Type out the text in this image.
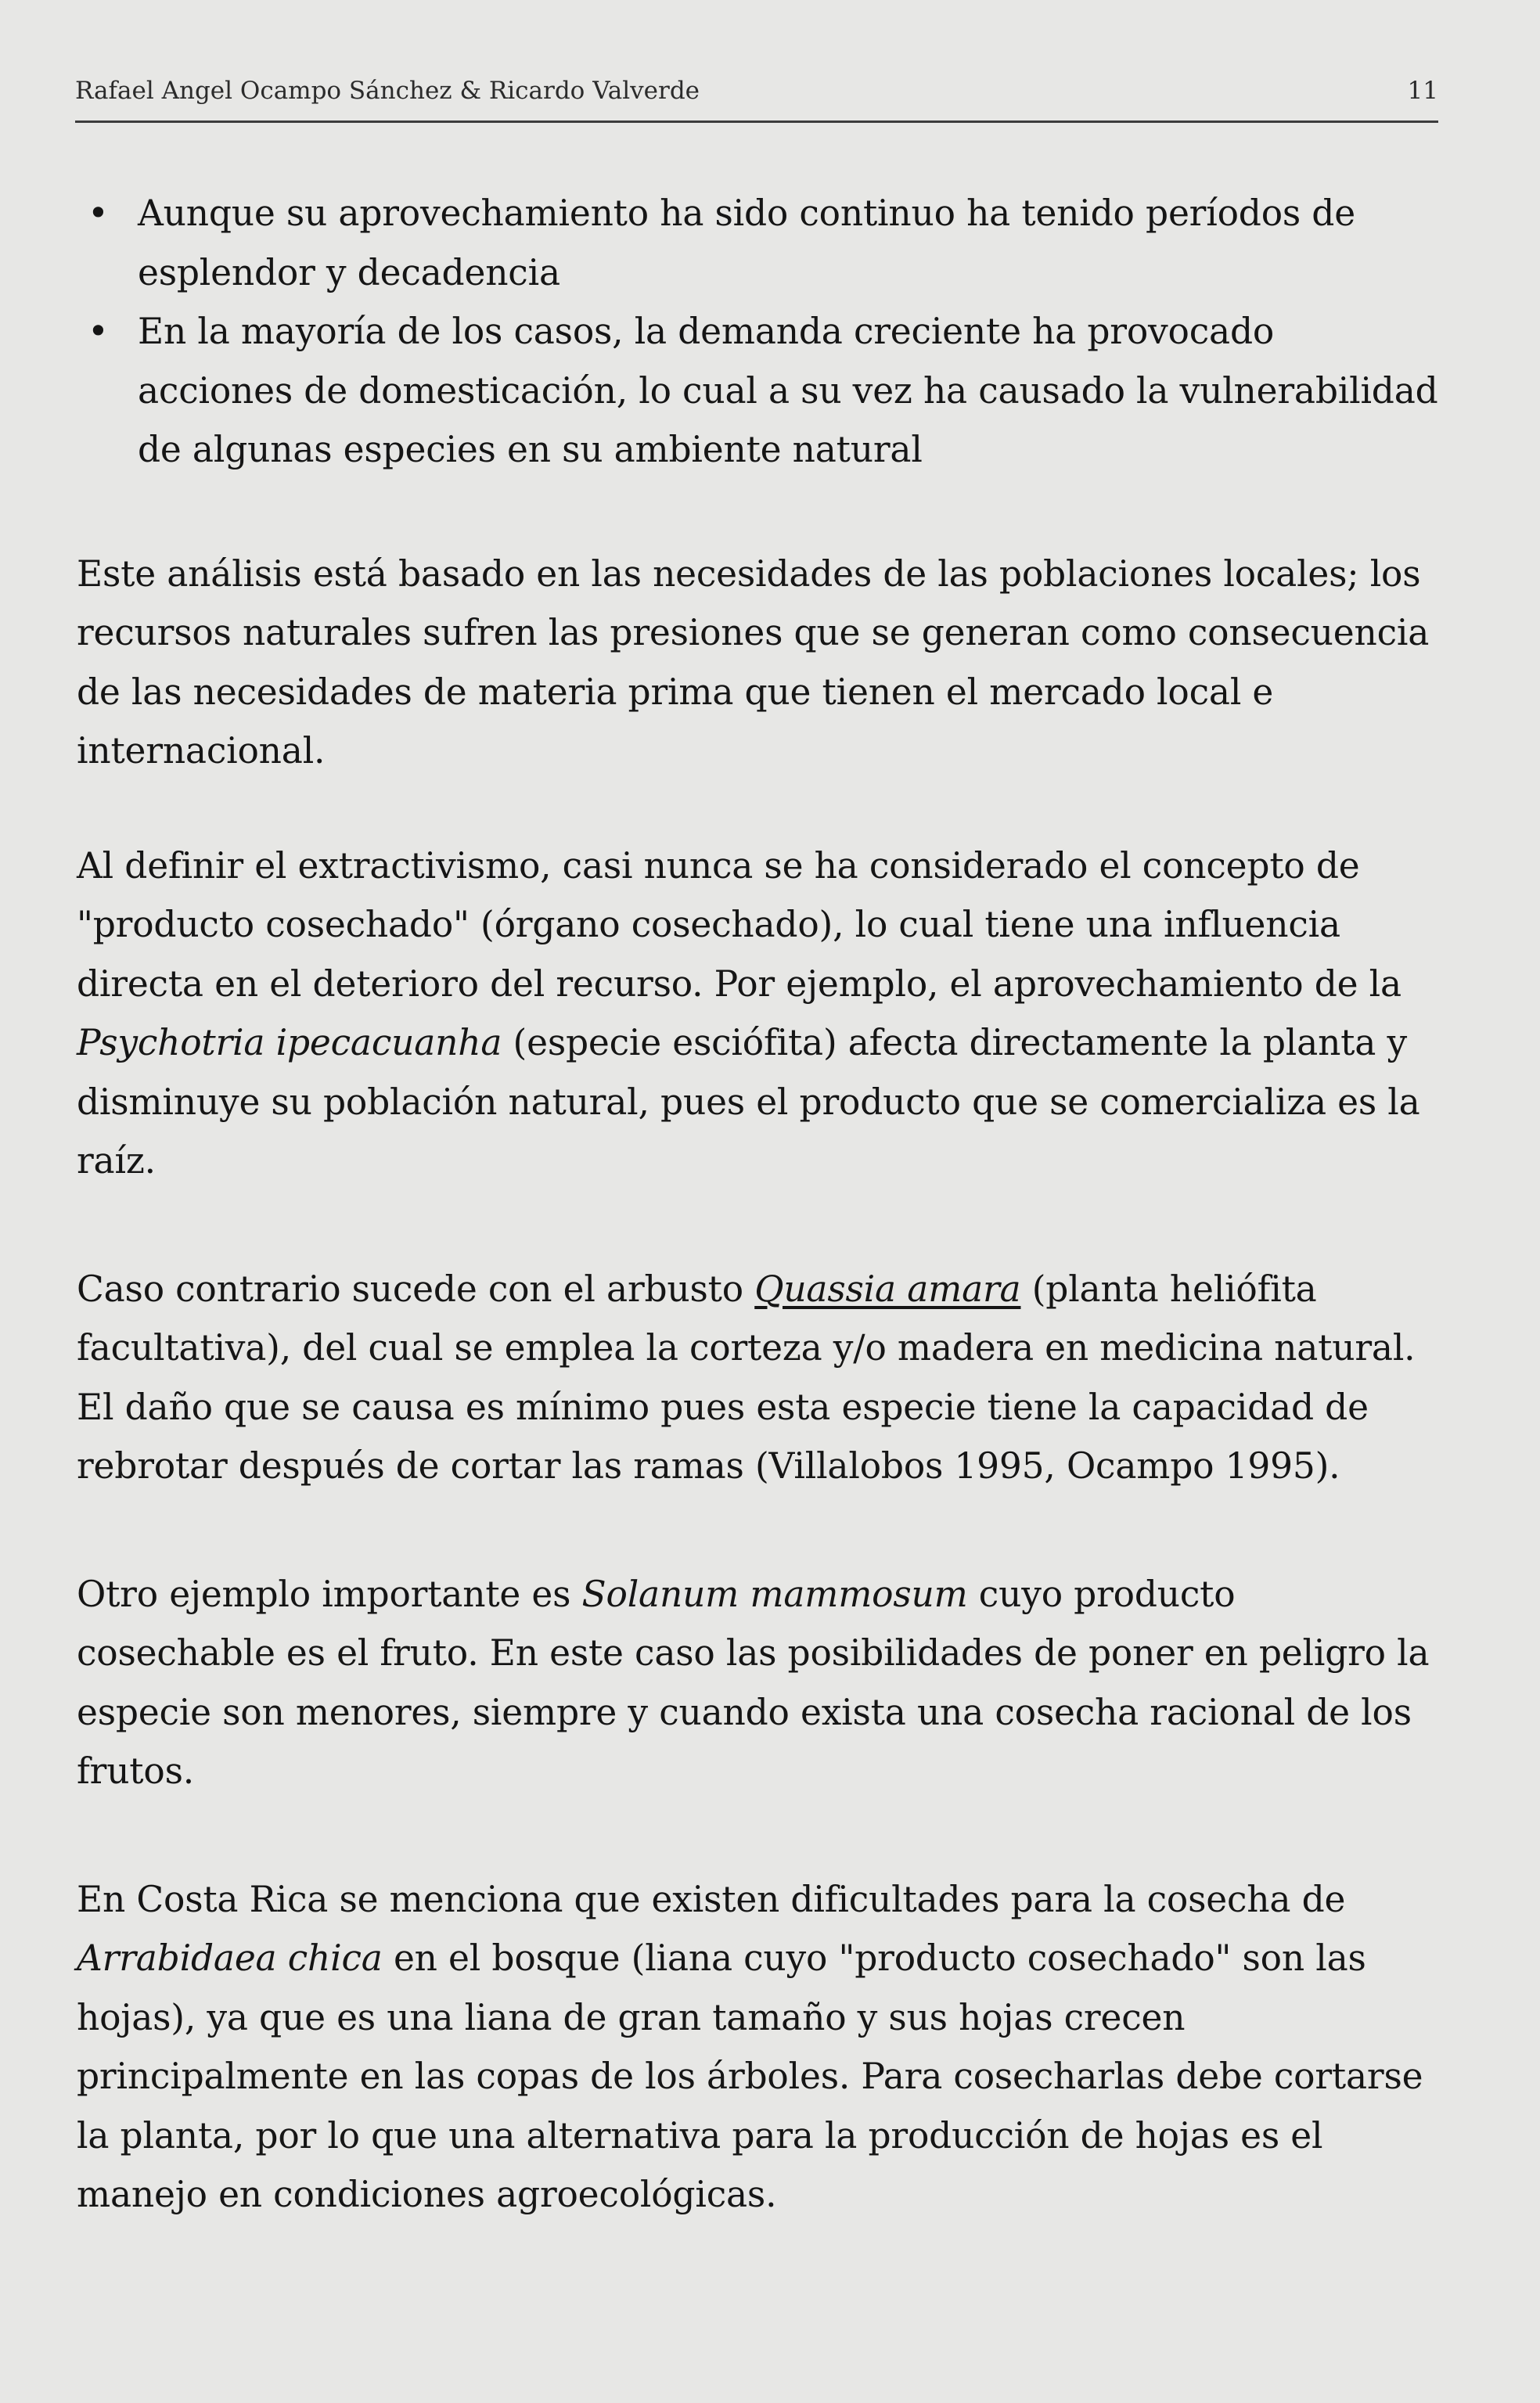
Rafael Angel Ocampo Sánchez & Ricardo Valverde	11
• Aunque su aprovechamiento ha sido continuo ha tenido períodos de esplendor y decadencia
• En la mayoría de los casos, la demanda creciente ha provocado acciones de domesticación, lo cual a su vez ha causado la vulnerabilidad de algunas especies en su ambiente natural

Este análisis está basado en las necesidades de las poblaciones locales; los recursos naturales sufren las presiones que se generan como consecuencia de las necesidades de materia prima que tienen el mercado local e internacional.

Al definir el extractivismo, casi nunca se ha considerado el concepto de "producto cosechado" (órgano cosechado), lo cual tiene una influencia directa en el deterioro del recurso. Por ejemplo, el aprovechamiento de la Psychotria ipecacuanha (especie esciófita) afecta directamente la planta y disminuye su población natural, pues el producto que se comercializa es la raíz.

Caso contrario sucede con el arbusto Quassia amara (planta heliófita facultativa), del cual se emplea la corteza y/o madera en medicina natural. El daño que se causa es mínimo pues esta especie tiene la capacidad de rebrotar después de cortar las ramas (Villalobos 1995, Ocampo 1995).

Otro ejemplo importante es Solanum mammosum cuyo producto cosechable es el fruto. En este caso las posibilidades de poner en peligro la especie son menores, siempre y cuando exista una cosecha racional de los frutos.

En Costa Rica se menciona que existen dificultades para la cosecha de Arrabidaea chica en el bosque (liana cuyo "producto cosechado" son las hojas), ya que es una liana de gran tamaño y sus hojas crecen principalmente en las copas de los árboles. Para cosecharlas debe cortarse la planta, por lo que una alternativa para la producción de hojas es el manejo en condiciones agroecológicas.
